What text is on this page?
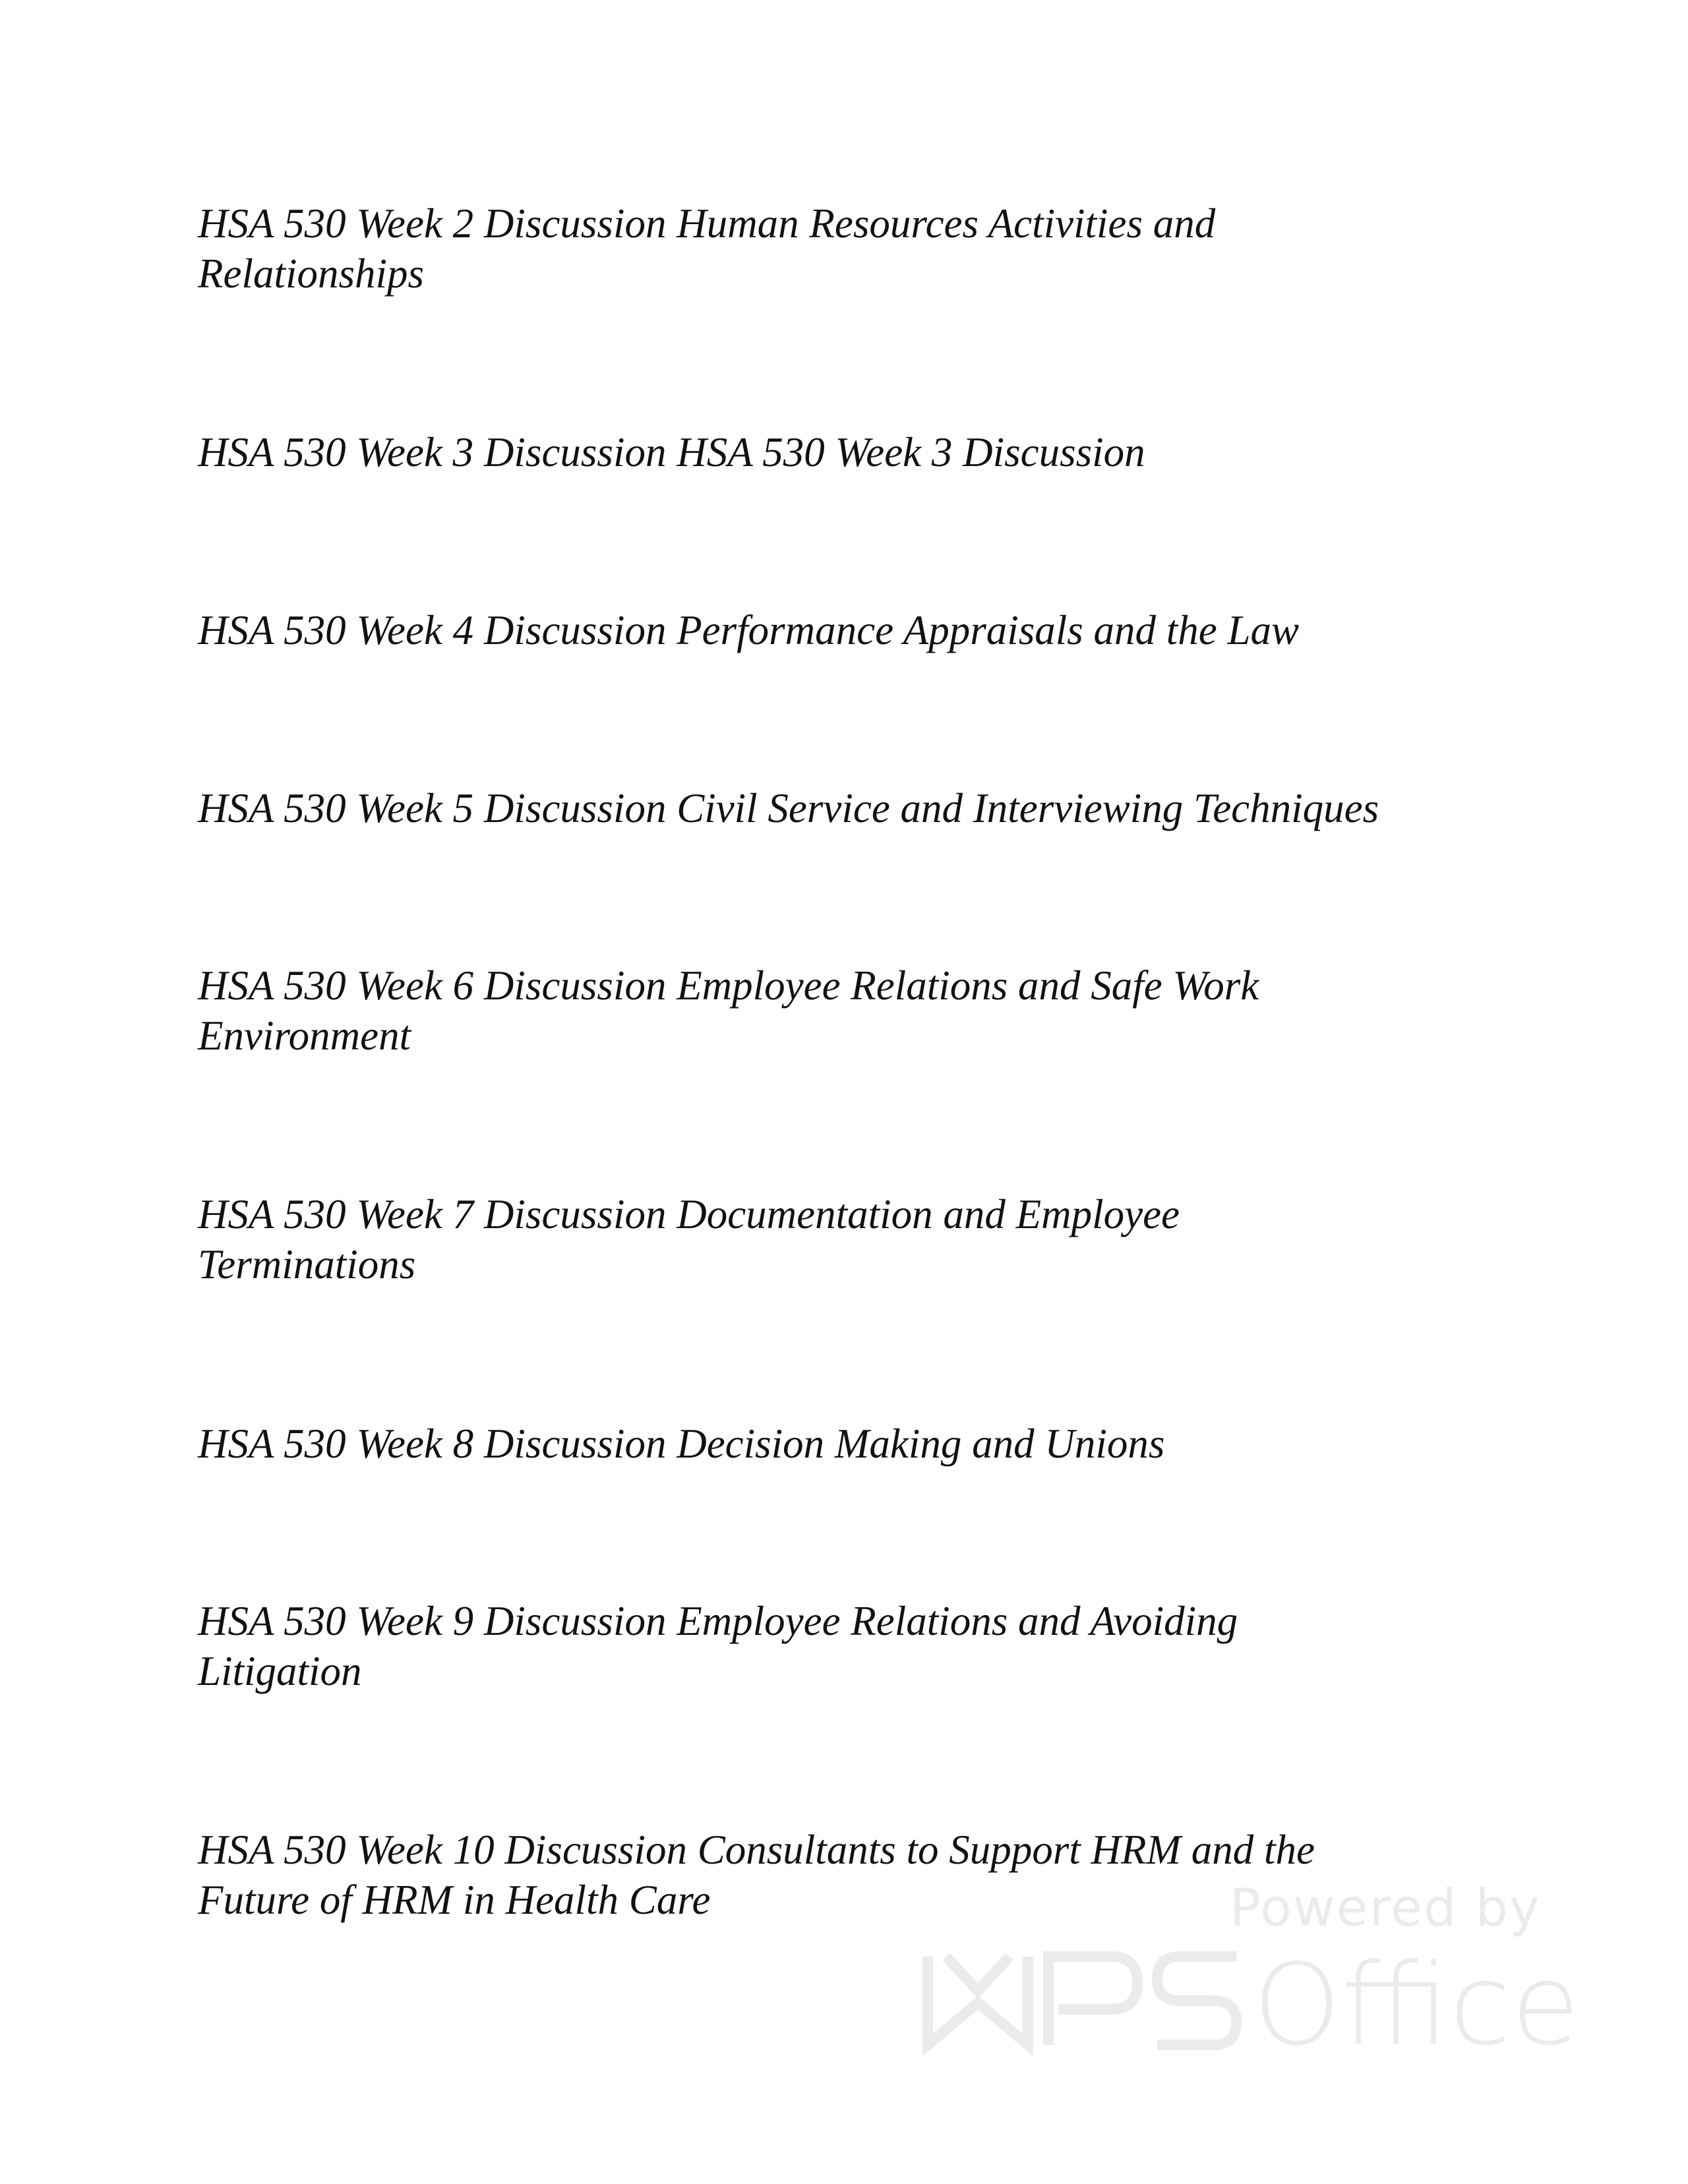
HSA 530 Week 2 Discussion Human Resources Activities and
Relationships

HSA 530 Week 3 Discussion HSA 530 Week 3 Discussion

HSA 530 Week 4 Discussion Performance Appraisals and the Law

HSA 530 Week 5 Discussion Civil Service and Interviewing Techniques

HSA 530 Week 6 Discussion Employee Relations and Safe Work
Environment

HSA 530 Week 7 Discussion Documentation and Employee
Terminations

HSA 530 Week 8 Discussion Decision Making and Unions

HSA 530 Week 9 Discussion Employee Relations and Avoiding
Litigation

HSA 530 Week 10 Discussion Consultants to Support HRM and the
Future of HRM in Health Care	Powered by
Office
